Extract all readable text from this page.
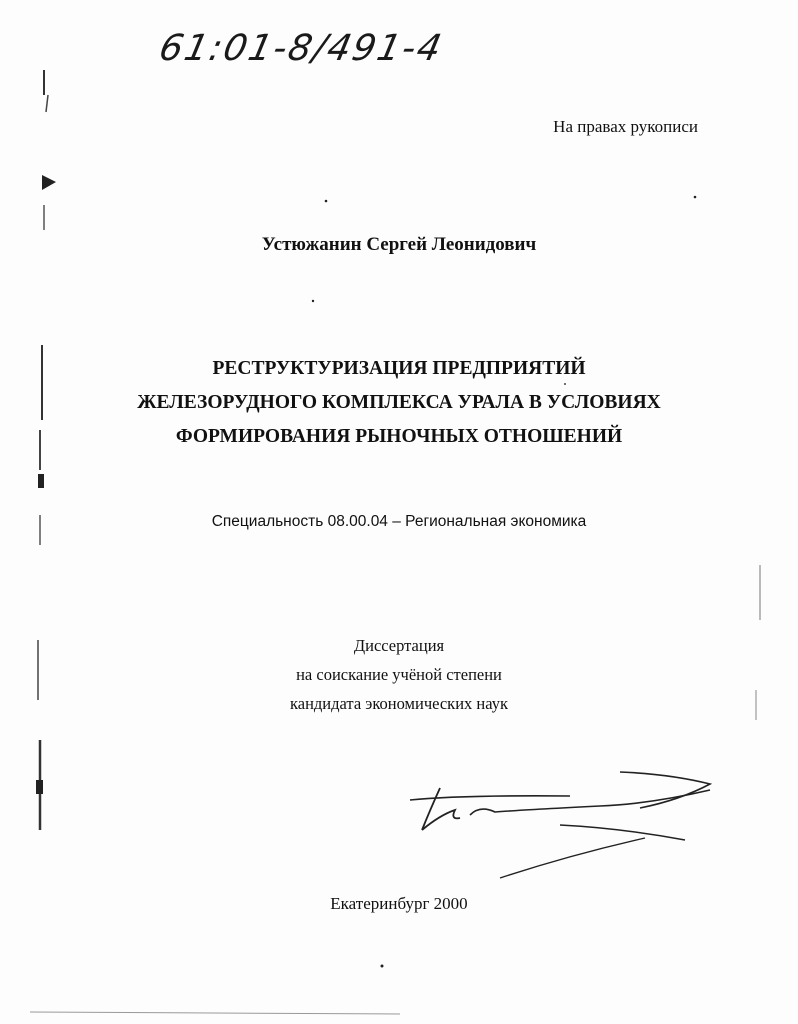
61:01-8/491-4
На правах рукописи
Устюжанин Сергей Леонидович
РЕСТРУКТУРИЗАЦИЯ ПРЕДПРИЯТИЙ
ЖЕЛЕЗОРУДНОГО КОМПЛЕКСА УРАЛА В УСЛОВИЯХ
ФОРМИРОВАНИЯ РЫНОЧНЫХ ОТНОШЕНИЙ
Специальность 08.00.04 – Региональная экономика
Диссертация
на соискание учёной степени
кандидата экономических наук
Екатеринбург 2000
